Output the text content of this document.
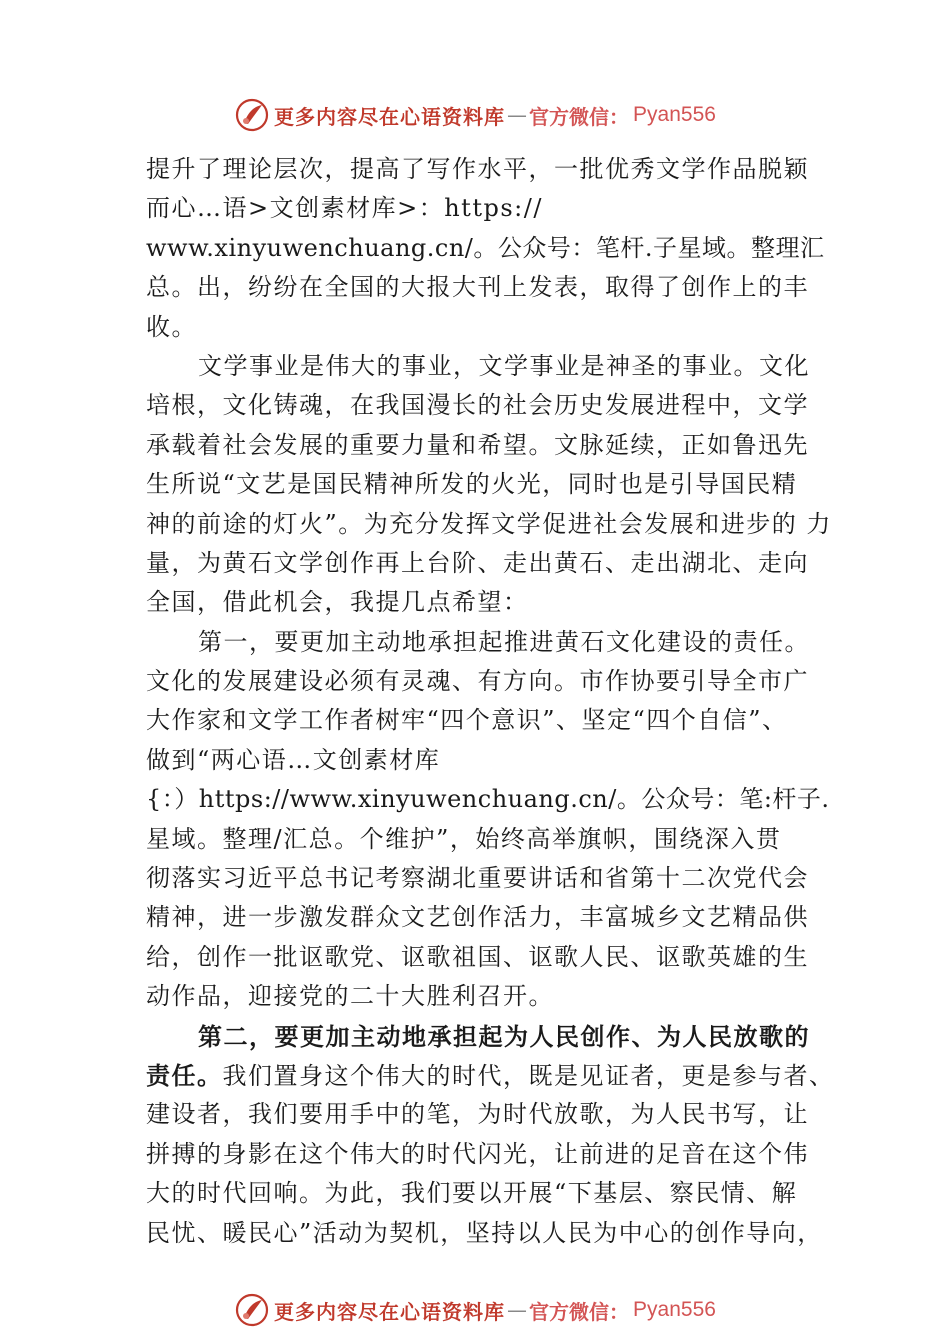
更多内容尽在心语资料库 — 官方微信： Pyan556
提升了理论层次，提高了写作水平，一批优秀文学作品脱颖
而心…语>文创素材库>：https://
www.xinyuwenchuang.cn/。公众号：笔杆.子星域。整理汇
总。出，纷纷在全国的大报大刊上发表，取得了创作上的丰
收。
文学事业是伟大的事业，文学事业是神圣的事业。文化
培根，文化铸魂，在我国漫长的社会历史发展进程中，文学
承载着社会发展的重要力量和希望。文脉延续，正如鲁迅先
生所说“文艺是国民精神所发的火光，同时也是引导国民精
神的前途的灯火”。为充分发挥文学促进社会发展和进步的 力
量，为黄石文学创作再上台阶、走出黄石、走出湖北、走向
全国，借此机会，我提几点希望：
第一，要更加主动地承担起推进黄石文化建设的责任。
文化的发展建设必须有灵魂、有方向。市作协要引导全市广
大作家和文学工作者树牢“四个意识”、坚定“四个自信”、
做到“两心语…文创素材库
{：）https://www.xinyuwenchuang.cn/。公众号：笔:杆子.
星域。整理/汇总。个维护”，始终高举旗帜，围绕深入贯
彻落实习近平总书记考察湖北重要讲话和省第十二次党代会
精神，进一步激发群众文艺创作活力，丰富城乡文艺精品供
给，创作一批讴歌党、讴歌祖国、讴歌人民、讴歌英雄的生
动作品，迎接党的二十大胜利召开。
第二，要更加主动地承担起为人民创作、为人民放歌的
责任。我们置身这个伟大的时代，既是见证者，更是参与者、
建设者，我们要用手中的笔，为时代放歌，为人民书写，让
拼搏的身影在这个伟大的时代闪光，让前进的足音在这个伟
大的时代回响。为此，我们要以开展“下基层、察民情、解
民忧、暖民心”活动为契机，坚持以人民为中心的创作导向，
更多内容尽在心语资料库 — 官方微信： Pyan556
